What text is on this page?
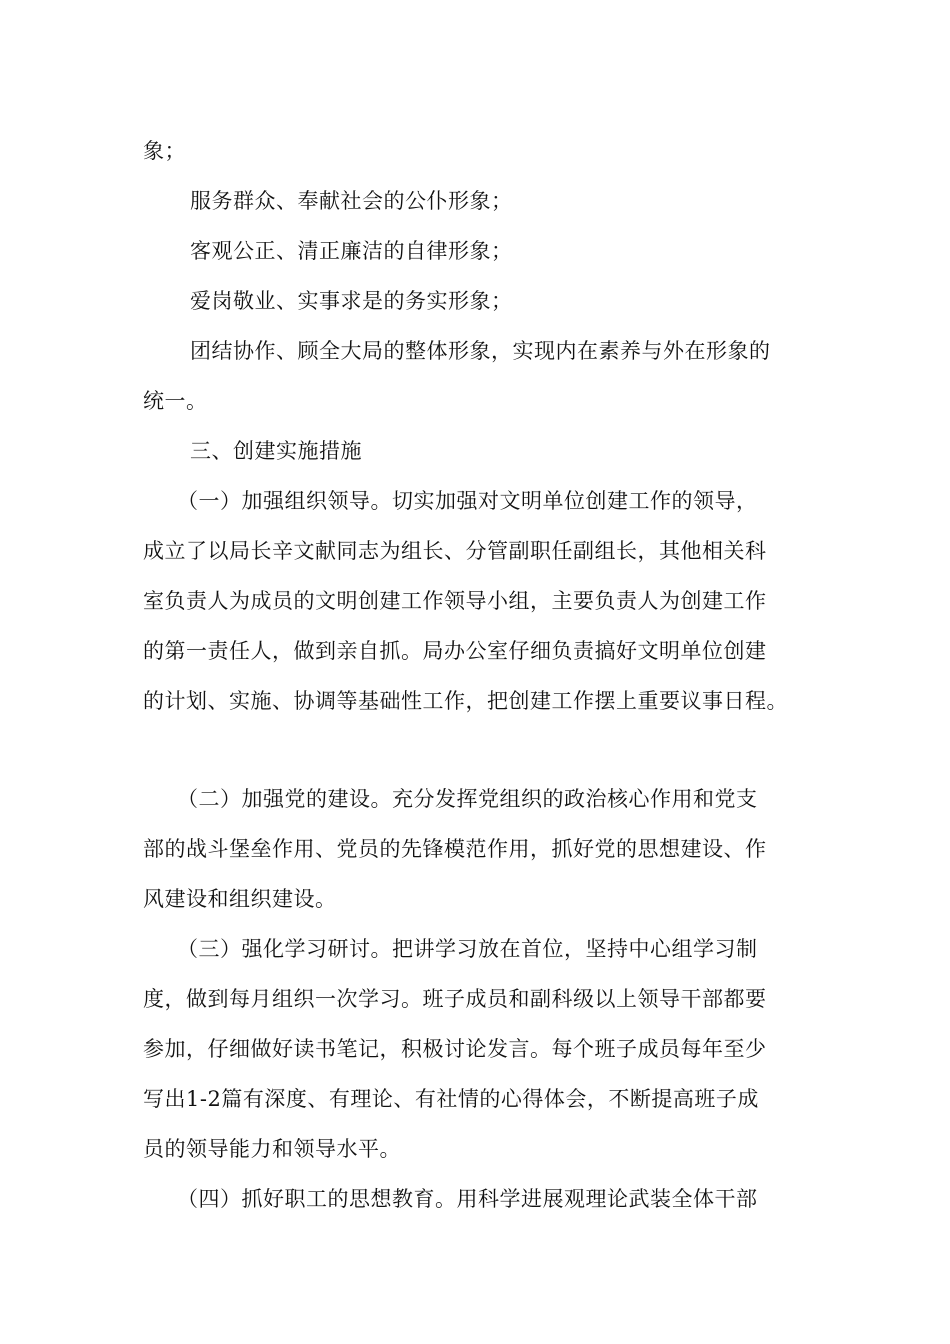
象；
服务群众、奉献社会的公仆形象；
客观公正、清正廉洁的自律形象；
爱岗敬业、实事求是的务实形象；
团结协作、顾全大局的整体形象，实现内在素养与外在形象的
统一。
三、创建实施措施
（一）加强组织领导。切实加强对文明单位创建工作的领导，
成立了以局长辛文献同志为组长、分管副职任副组长，其他相关科
室负责人为成员的文明创建工作领导小组，主要负责人为创建工作
的第一责任人，做到亲自抓。局办公室仔细负责搞好文明单位创建
的计划、实施、协调等基础性工作，把创建工作摆上重要议事日程。
（二）加强党的建设。充分发挥党组织的政治核心作用和党支
部的战斗堡垒作用、党员的先锋模范作用，抓好党的思想建设、作
风建设和组织建设。
（三）强化学习研讨。把讲学习放在首位，坚持中心组学习制
度，做到每月组织一次学习。班子成员和副科级以上领导干部都要
参加，仔细做好读书笔记，积极讨论发言。每个班子成员每年至少
写出1-2篇有深度、有理论、有社情的心得体会，不断提高班子成
员的领导能力和领导水平。
（四）抓好职工的思想教育。用科学进展观理论武装全体干部
